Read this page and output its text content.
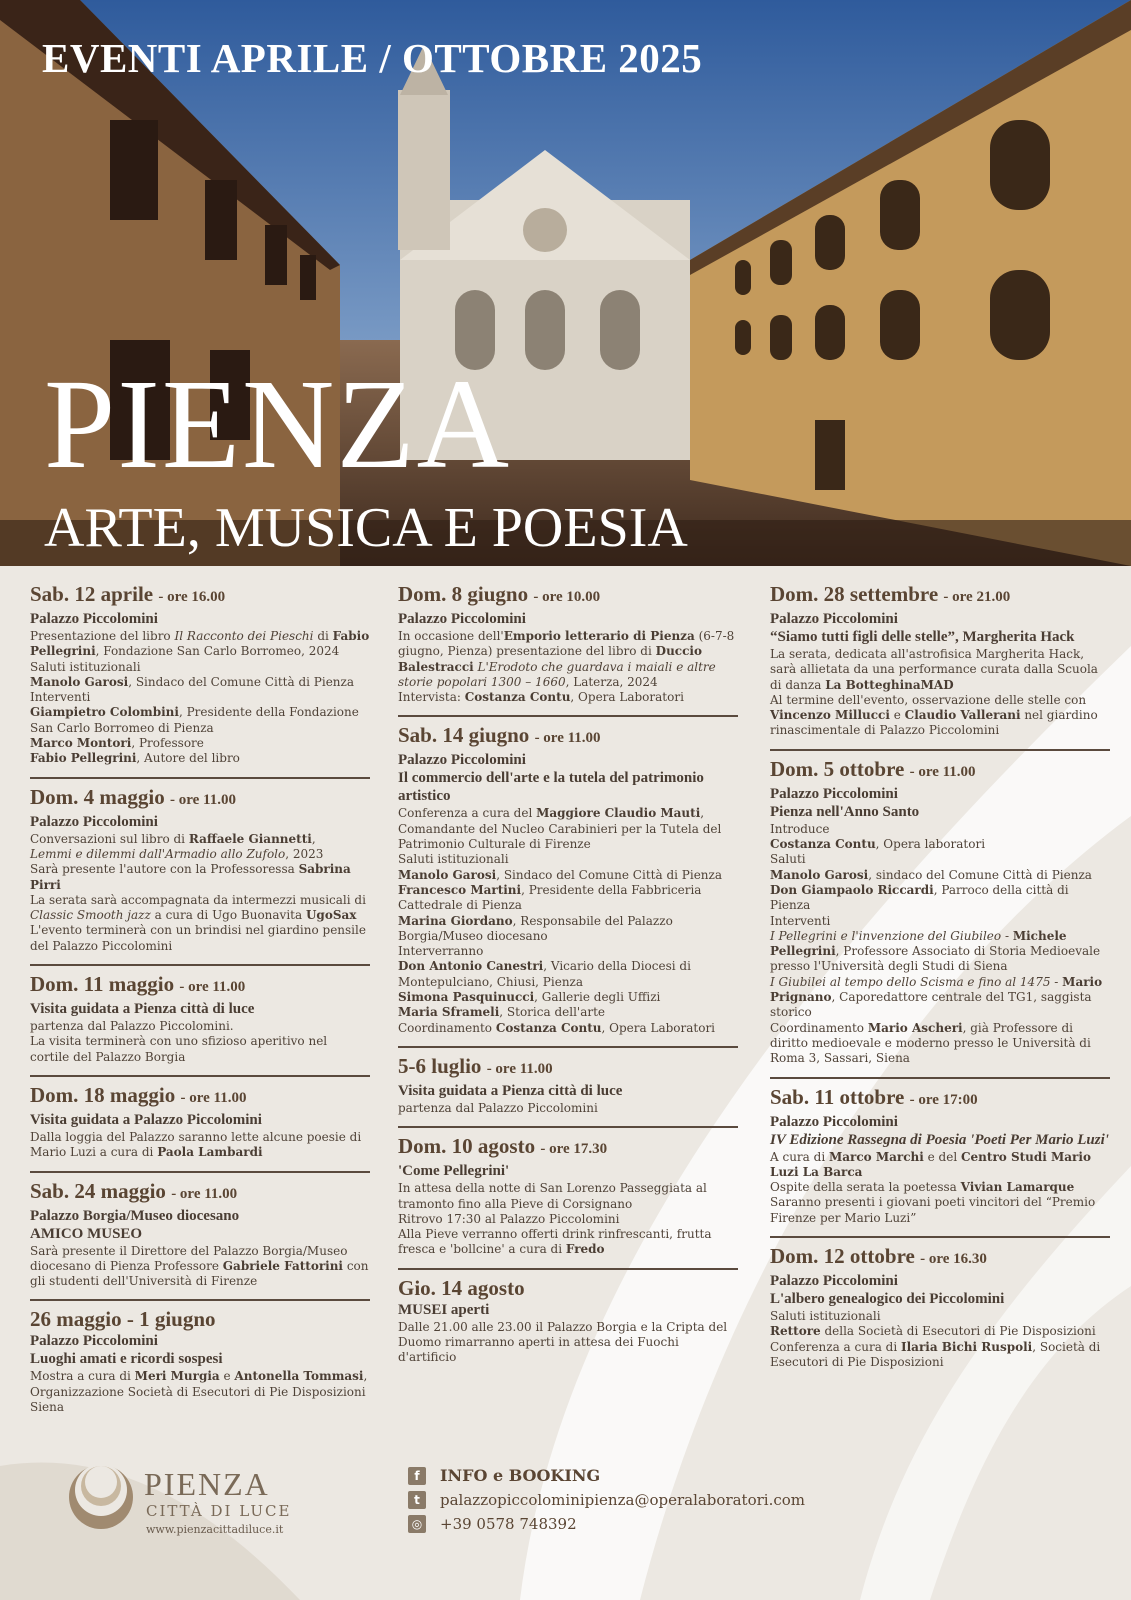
EVENTI APRILE / OTTOBRE 2025
PIENZA
ARTE, MUSICA E POESIA
Sab. 12 aprile - ore 16.00
Palazzo Piccolomini
Presentazione del libro Il Racconto dei Pieschi di Fabio Pellegrini, Fondazione San Carlo Borromeo, 2024
Saluti istituzionali
Manolo Garosi, Sindaco del Comune Città di Pienza
Interventi
Giampietro Colombini, Presidente della Fondazione San Carlo Borromeo di Pienza
Marco Montori, Professore
Fabio Pellegrini, Autore del libro
Dom. 4 maggio - ore 11.00
Palazzo Piccolomini
Conversazioni sul libro di Raffaele Giannetti,
Lemmi e dilemmi dall'Armadio allo Zufolo, 2023
Sarà presente l'autore con la Professoressa Sabrina Pirri
La serata sarà accompagnata da intermezzi musicali di Classic Smooth jazz a cura di Ugo Buonavita UgoSax
L'evento terminerà con un brindisi nel giardino pensile del Palazzo Piccolomini
Dom. 11 maggio - ore 11.00
Visita guidata a Pienza città di luce
partenza dal Palazzo Piccolomini.
La visita terminerà con uno sfizioso aperitivo nel cortile del Palazzo Borgia
Dom. 18 maggio - ore 11.00
Visita guidata a Palazzo Piccolomini
Dalla loggia del Palazzo saranno lette alcune poesie di Mario Luzi a cura di Paola Lambardi
Sab. 24 maggio - ore 11.00
Palazzo Borgia/Museo diocesano
AMICO MUSEO
Sarà presente il Direttore del Palazzo Borgia/Museo diocesano di Pienza Professore Gabriele Fattorini con gli studenti dell'Università di Firenze
26 maggio - 1 giugno
Palazzo Piccolomini
Luoghi amati e ricordi sospesi
Mostra a cura di Meri Murgia e Antonella Tommasi, Organizzazione Società di Esecutori di Pie Disposizioni Siena
Dom. 8 giugno - ore 10.00
Palazzo Piccolomini
In occasione dell'Emporio letterario di Pienza (6-7-8 giugno, Pienza) presentazione del libro di Duccio Balestracci L'Erodoto che guardava i maiali e altre storie popolari 1300 – 1660, Laterza, 2024
Intervista: Costanza Contu, Opera Laboratori
Sab. 14 giugno - ore 11.00
Palazzo Piccolomini
Il commercio dell'arte e la tutela del patrimonio artistico
Conferenza a cura del Maggiore Claudio Mauti, Comandante del Nucleo Carabinieri per la Tutela del Patrimonio Culturale di Firenze
Saluti istituzionali
Manolo Garosi, Sindaco del Comune Città di Pienza
Francesco Martini, Presidente della Fabbriceria Cattedrale di Pienza
Marina Giordano, Responsabile del Palazzo Borgia/Museo diocesano
Interverranno
Don Antonio Canestri, Vicario della Diocesi di Montepulciano, Chiusi, Pienza
Simona Pasquinucci, Gallerie degli Uffizi
Maria Sframeli, Storica dell'arte
Coordinamento Costanza Contu, Opera Laboratori
5-6 luglio - ore 11.00
Visita guidata a Pienza città di luce
partenza dal Palazzo Piccolomini
Dom. 10 agosto - ore 17.30
'Come Pellegrini'
In attesa della notte di San Lorenzo Passeggiata al tramonto fino alla Pieve di Corsignano
Ritrovo 17:30 al Palazzo Piccolomini
Alla Pieve verranno offerti drink rinfrescanti, frutta fresca e 'bollcine' a cura di Fredo
Gio. 14 agosto
MUSEI aperti
Dalle 21.00 alle 23.00 il Palazzo Borgia e la Cripta del Duomo rimarranno aperti in attesa dei Fuochi d'artificio
Dom. 28 settembre - ore 21.00
Palazzo Piccolomini
“Siamo tutti figli delle stelle”, Margherita Hack
La serata, dedicata all'astrofisica Margherita Hack, sarà allietata da una performance curata dalla Scuola di danza La BotteghinaMAD
Al termine dell'evento, osservazione delle stelle con Vincenzo Millucci e Claudio Vallerani nel giardino rinascimentale di Palazzo Piccolomini
Dom. 5 ottobre - ore 11.00
Palazzo Piccolomini
Pienza nell'Anno Santo
Introduce
Costanza Contu, Opera laboratori
Saluti
Manolo Garosi, sindaco del Comune Città di Pienza
Don Giampaolo Riccardi, Parroco della città di Pienza
Interventi
I Pellegrini e l'invenzione del Giubileo - Michele Pellegrini, Professore Associato di Storia Medioevale presso l'Università degli Studi di Siena
I Giubilei al tempo dello Scisma e fino al 1475 - Mario Prignano, Caporedattore centrale del TG1, saggista storico
Coordinamento Mario Ascheri, già Professore di diritto medioevale e moderno presso le Università di Roma 3, Sassari, Siena
Sab. 11 ottobre - ore 17:00
Palazzo Piccolomini
IV Edizione Rassegna di Poesia 'Poeti Per Mario Luzi'
A cura di Marco Marchi e del Centro Studi Mario Luzi La Barca
Ospite della serata la poetessa Vivian Lamarque
Saranno presenti i giovani poeti vincitori del “Premio Firenze per Mario Luzi”
Dom. 12 ottobre - ore 16.30
Palazzo Piccolomini
L'albero genealogico dei Piccolomini
Saluti istituzionali
Rettore della Società di Esecutori di Pie Disposizioni
Conferenza a cura di Ilaria Bichi Ruspoli, Società di Esecutori di Pie Disposizioni
PIENZA
CITTÀ DI LUCE
www.pienzacittadiluce.it
f	INFO e BOOKING
t	palazzopiccolominipienza@operalaboratori.com
◎ +39 0578 748392
